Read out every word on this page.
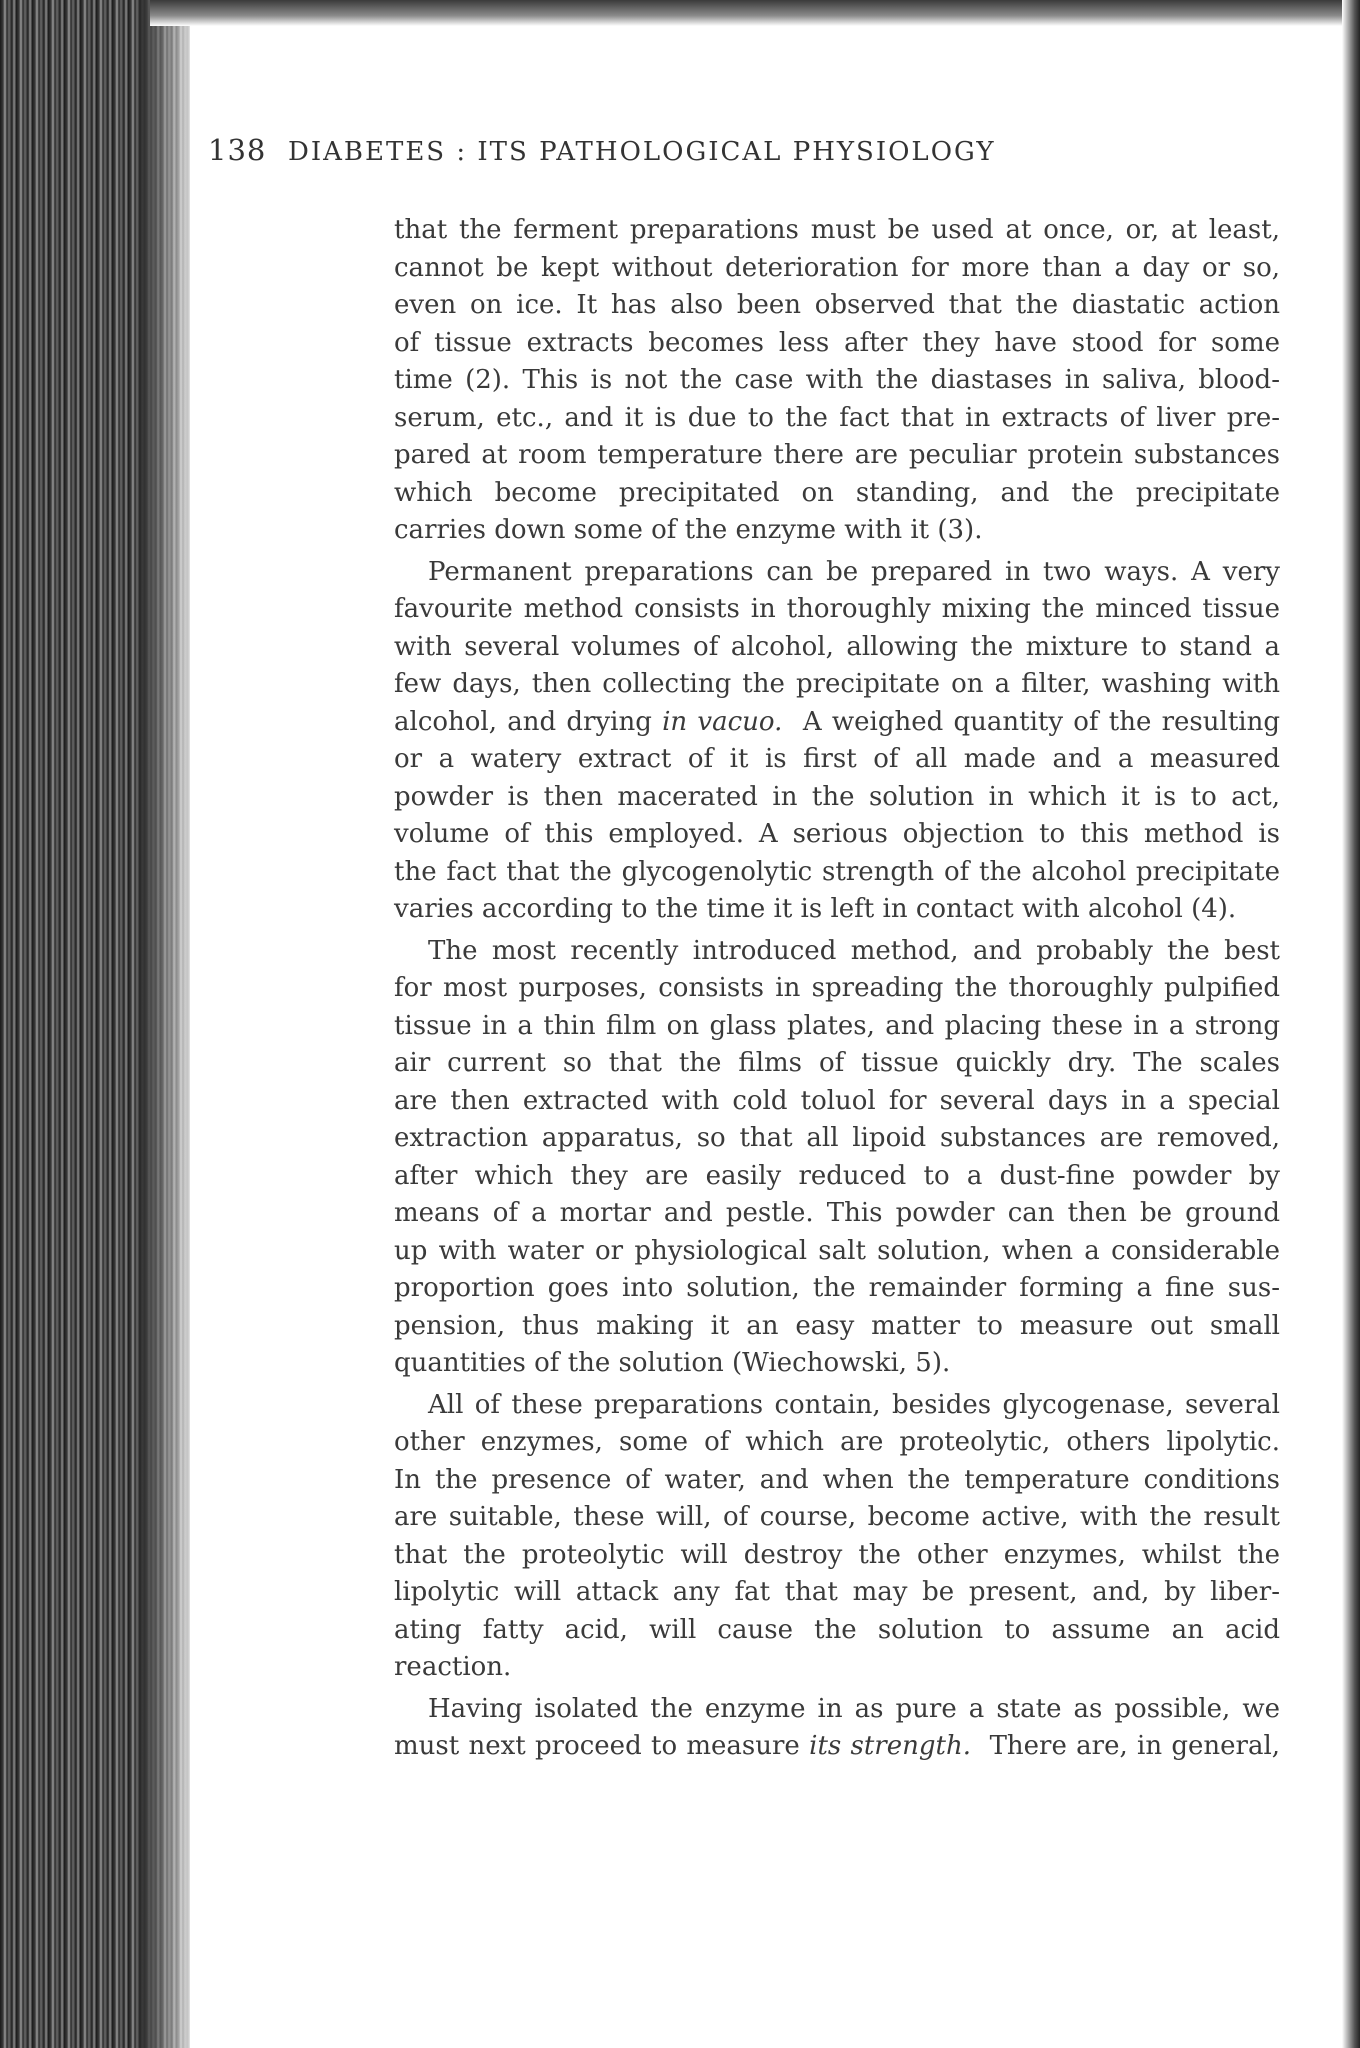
138 DIABETES : ITS PATHOLOGICAL PHYSIOLOGY
that the ferment preparations must be used at once, or, at least,
cannot be kept without deterioration for more than a day or so,
even on ice. It has also been observed that the diastatic action
of tissue extracts becomes less after they have stood for some
time (2). This is not the case with the diastases in saliva, blood-
serum, etc., and it is due to the fact that in extracts of liver pre-
pared at room temperature there are peculiar protein substances
which become precipitated on standing, and the precipitate
carries down some of the enzyme with it (3).
Permanent preparations can be prepared in two ways. A very
favourite method consists in thoroughly mixing the minced tissue
with several volumes of alcohol, allowing the mixture to stand a
few days, then collecting the precipitate on a filter, washing with
alcohol, and drying in vacuo. A weighed quantity of the resulting
or a watery extract of it is first of all made and a measured
powder is then macerated in the solution in which it is to act,
volume of this employed. A serious objection to this method is
the fact that the glycogenolytic strength of the alcohol precipitate
varies according to the time it is left in contact with alcohol (4).
The most recently introduced method, and probably the best
for most purposes, consists in spreading the thoroughly pulpified
tissue in a thin film on glass plates, and placing these in a strong
air current so that the films of tissue quickly dry. The scales
are then extracted with cold toluol for several days in a special
extraction apparatus, so that all lipoid substances are removed,
after which they are easily reduced to a dust-fine powder by
means of a mortar and pestle. This powder can then be ground
up with water or physiological salt solution, when a considerable
proportion goes into solution, the remainder forming a fine sus-
pension, thus making it an easy matter to measure out small
quantities of the solution (Wiechowski, 5).
All of these preparations contain, besides glycogenase, several
other enzymes, some of which are proteolytic, others lipolytic.
In the presence of water, and when the temperature conditions
are suitable, these will, of course, become active, with the result
that the proteolytic will destroy the other enzymes, whilst the
lipolytic will attack any fat that may be present, and, by liber-
ating fatty acid, will cause the solution to assume an acid
reaction.
Having isolated the enzyme in as pure a state as possible, we
must next proceed to measure its strength. There are, in general,
